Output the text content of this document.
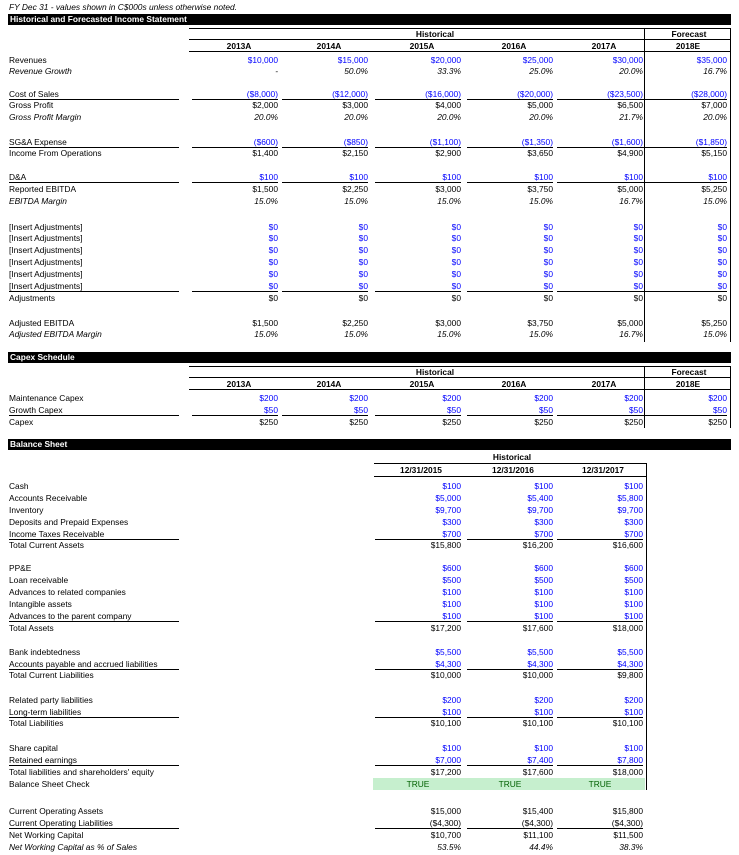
Historical and Forecasted Income Statement
Historical	Forecast
2013A	2014A	2015A	2016A	2017A	2018E
Revenues	$10,000	$15,000	$20,000	$25,000	$30,000	$35,000
Revenue Growth	-	50.0%	33.3%	25.0%	20.0%	16.7%
Cost of Sales	($8,000)	($12,000)	($16,000)	($20,000)	($23,500)	($28,000)
Gross Profit	$2,000	$3,000	$4,000	$5,000	$6,500	$7,000
Gross Profit Margin	20.0%	20.0%	20.0%	20.0%	21.7%	20.0%
SG&A Expense	($600)	($850)	($1,100)	($1,350)	($1,600)	($1,850)
Income From Operations	$1,400	$2,150	$2,900	$3,650	$4,900	$5,150
D&A	$100	$100	$100	$100	$100	$100
Reported EBITDA	$1,500	$2,250	$3,000	$3,750	$5,000	$5,250
EBITDA Margin	15.0%	15.0%	15.0%	15.0%	16.7%	15.0%
[Insert Adjustments]	$0	$0	$0	$0	$0	$0
[Insert Adjustments]	$0	$0	$0	$0	$0	$0
[Insert Adjustments]	$0	$0	$0	$0	$0	$0
[Insert Adjustments]	$0	$0	$0	$0	$0	$0
[Insert Adjustments]	$0	$0	$0	$0	$0	$0
[Insert Adjustments]	$0	$0	$0	$0	$0	$0
Adjustments	$0	$0	$0	$0	$0	$0
Adjusted EBITDA	$1,500	$2,250	$3,000	$3,750	$5,000	$5,250
Adjusted EBITDA Margin	15.0%	15.0%	15.0%	15.0%	16.7%	15.0%
Capex Schedule
Historical	Forecast
2013A	2014A	2015A	2016A	2017A	2018E
Maintenance Capex	$200	$200	$200	$200	$200	$200
Growth Capex	$50	$50	$50	$50	$50	$50
Capex	$250	$250	$250	$250	$250	$250
Balance Sheet
Historical
12/31/2015	12/31/2016	12/31/2017
Cash	$100	$100	$100
Accounts Receivable	$5,000	$5,400	$5,800
Inventory	$9,700	$9,700	$9,700
Deposits and Prepaid Expenses	$300	$300	$300
Income Taxes Receivable	$700	$700	$700
Total Current Assets	$15,800	$16,200	$16,600
PP&E	$600	$600	$600
Loan receivable	$500	$500	$500
Advances to related companies	$100	$100	$100
Intangible assets	$100	$100	$100
Advances to the parent company	$100	$100	$100
Total Assets	$17,200	$17,600	$18,000
Bank indebtedness	$5,500	$5,500	$5,500
Accounts payable and accrued liabilities	$4,300	$4,300	$4,300
Total Current Liabilities	$10,000	$10,000	$9,800
Related party liabilities	$200	$200	$200
Long-term liabilities	$100	$100	$100
Total Liabilities	$10,100	$10,100	$10,100
Share capital	$100	$100	$100
Retained earnings	$7,000	$7,400	$7,800
Total liabilities and shareholders' equity	$17,200	$17,600	$18,000
Balance Sheet Check	TRUE	TRUE	TRUE
Current Operating Assets	$15,000	$15,400	$15,800
Current Operating Liabilities	($4,300)	($4,300)	($4,300)
Net Working Capital	$10,700	$11,100	$11,500
Net Working Capital as % of Sales	53.5%	44.4%	38.3%
FY Dec 31 - values shown in C$000s unless otherwise noted.
